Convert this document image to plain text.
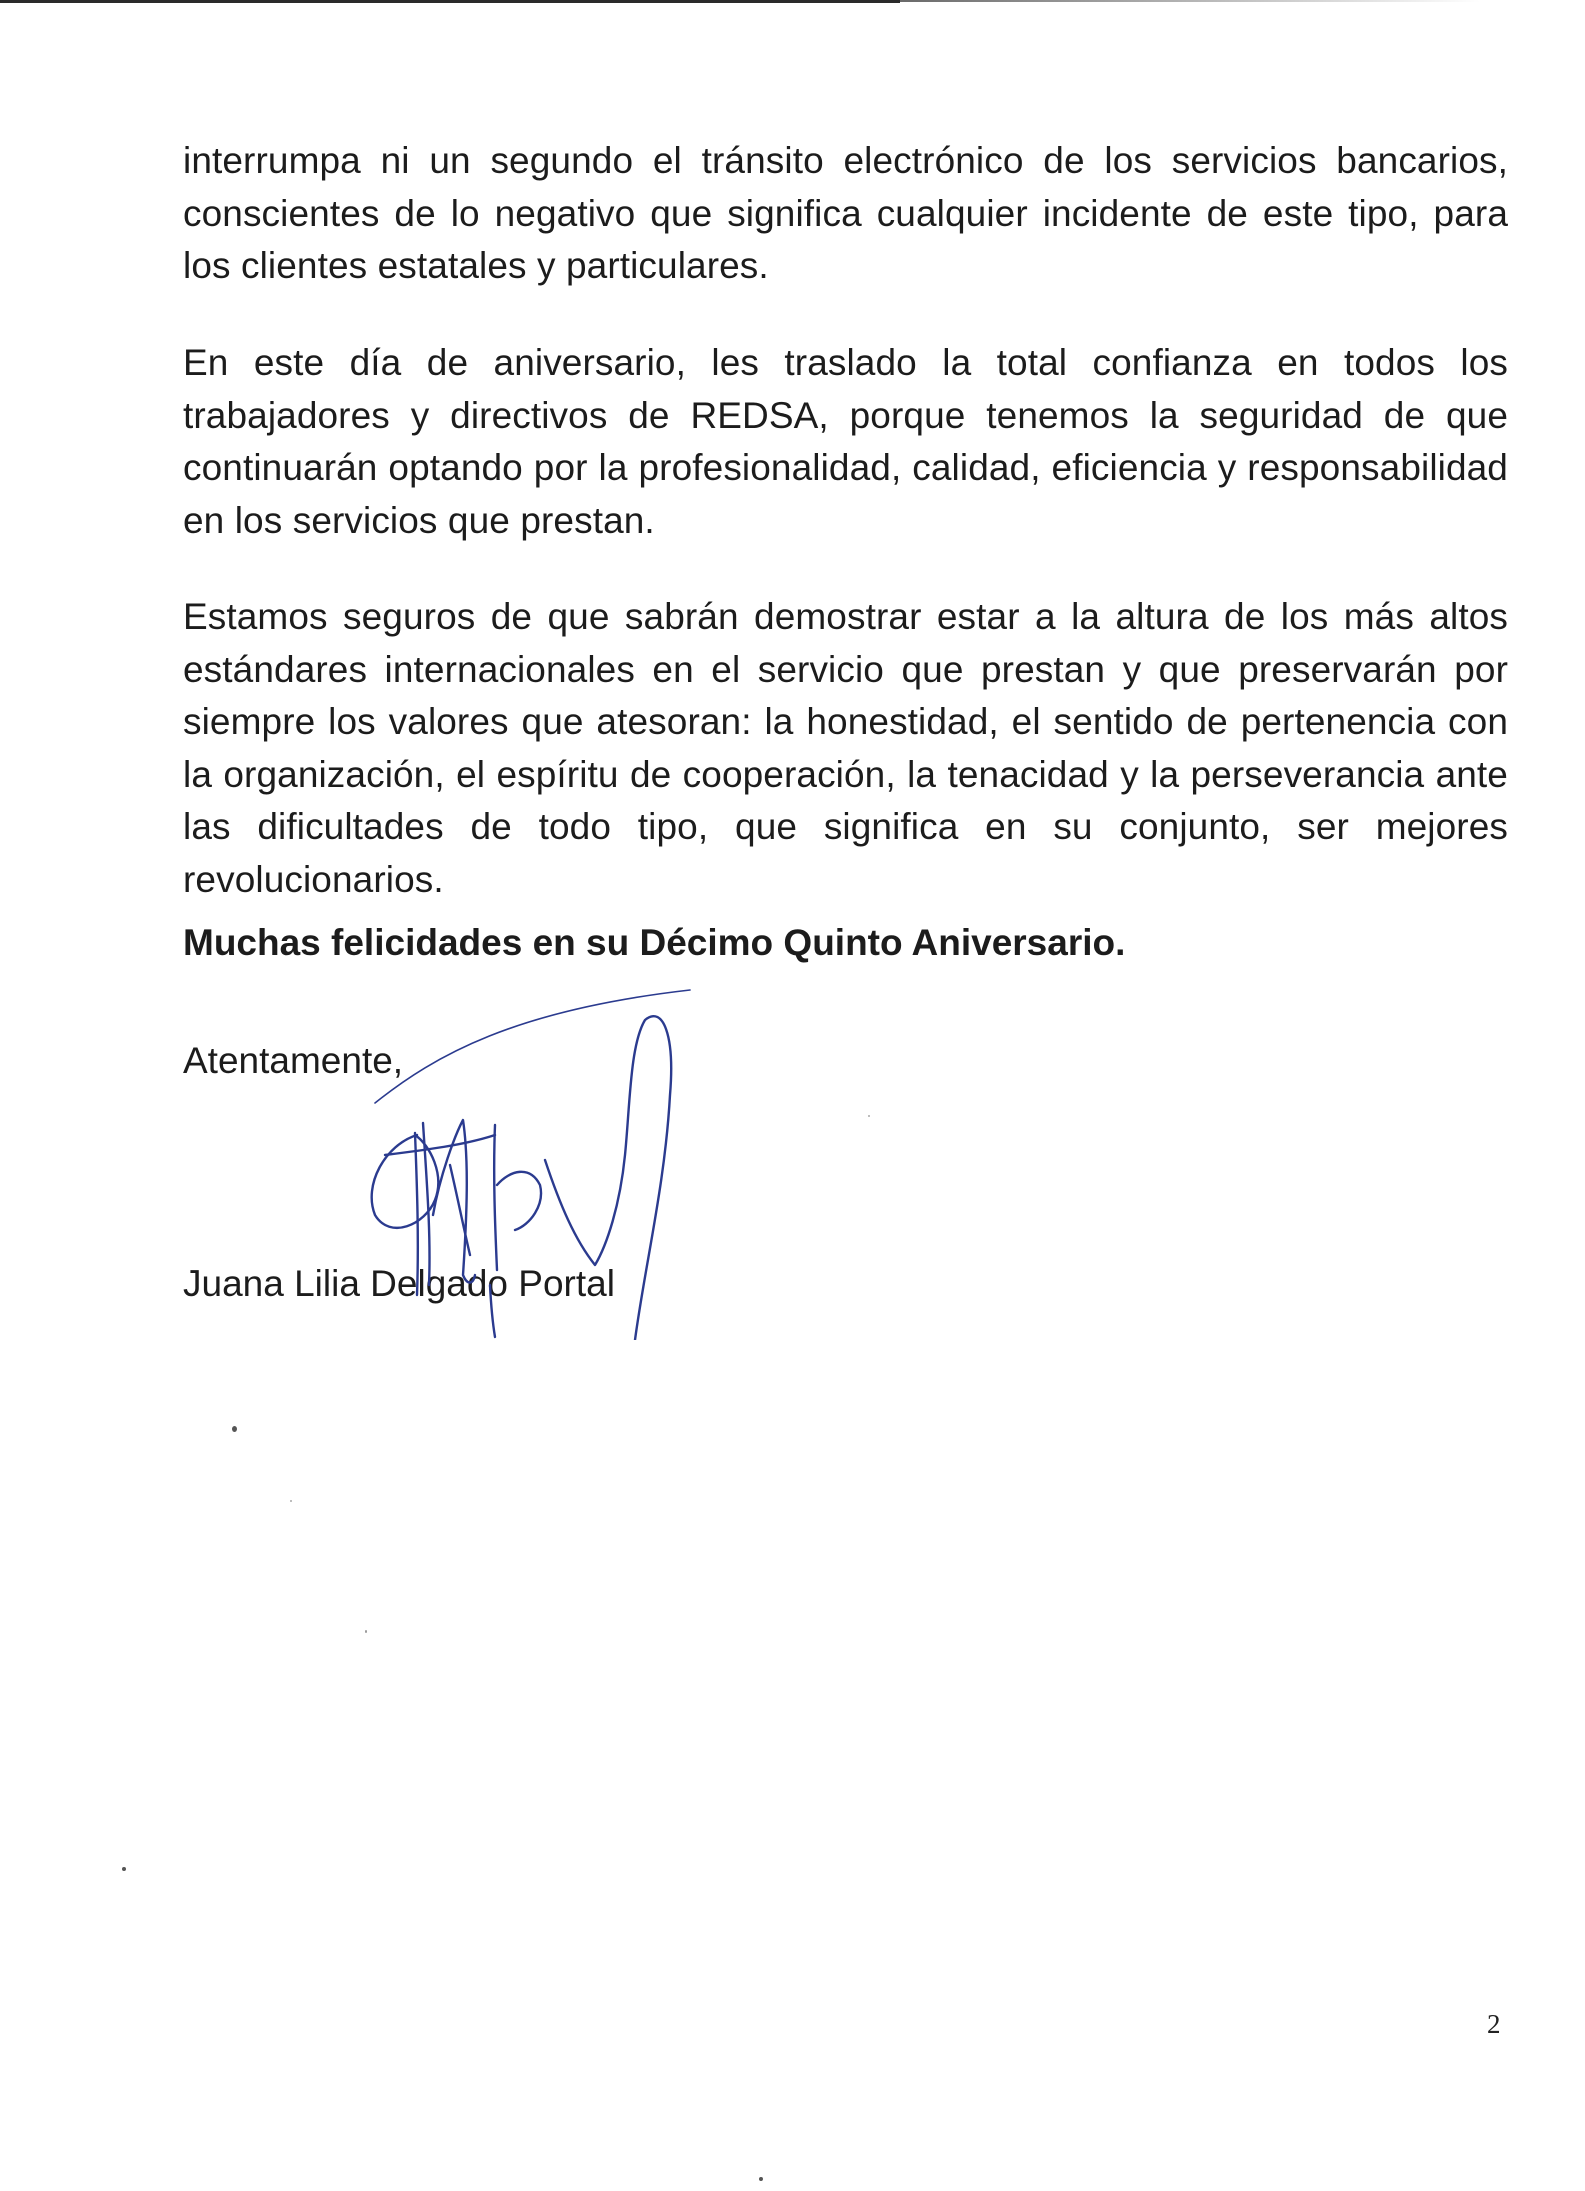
interrumpa ni un segundo el tránsito electrónico de los servicios bancarios, conscientes de lo negativo que significa cualquier incidente de este tipo, para los clientes estatales y particulares.

En este día de aniversario, les traslado la total confianza en todos los trabajadores y directivos de REDSA, porque tenemos la seguridad de que continuarán optando por la profesionalidad, calidad, eficiencia y responsabilidad en los servicios que prestan.

Estamos seguros de que sabrán demostrar estar a la altura de los más altos estándares internacionales en el servicio que prestan y que preservarán por siempre los valores que atesoran: la honestidad, el sentido de pertenencia con la organización, el espíritu de cooperación, la tenacidad y la perseverancia ante las dificultades de todo tipo, que significa en su conjunto, ser mejores revolucionarios.

Muchas felicidades en su Décimo Quinto Aniversario.

Atentamente,

Juana Lilia Delgado Portal

2
